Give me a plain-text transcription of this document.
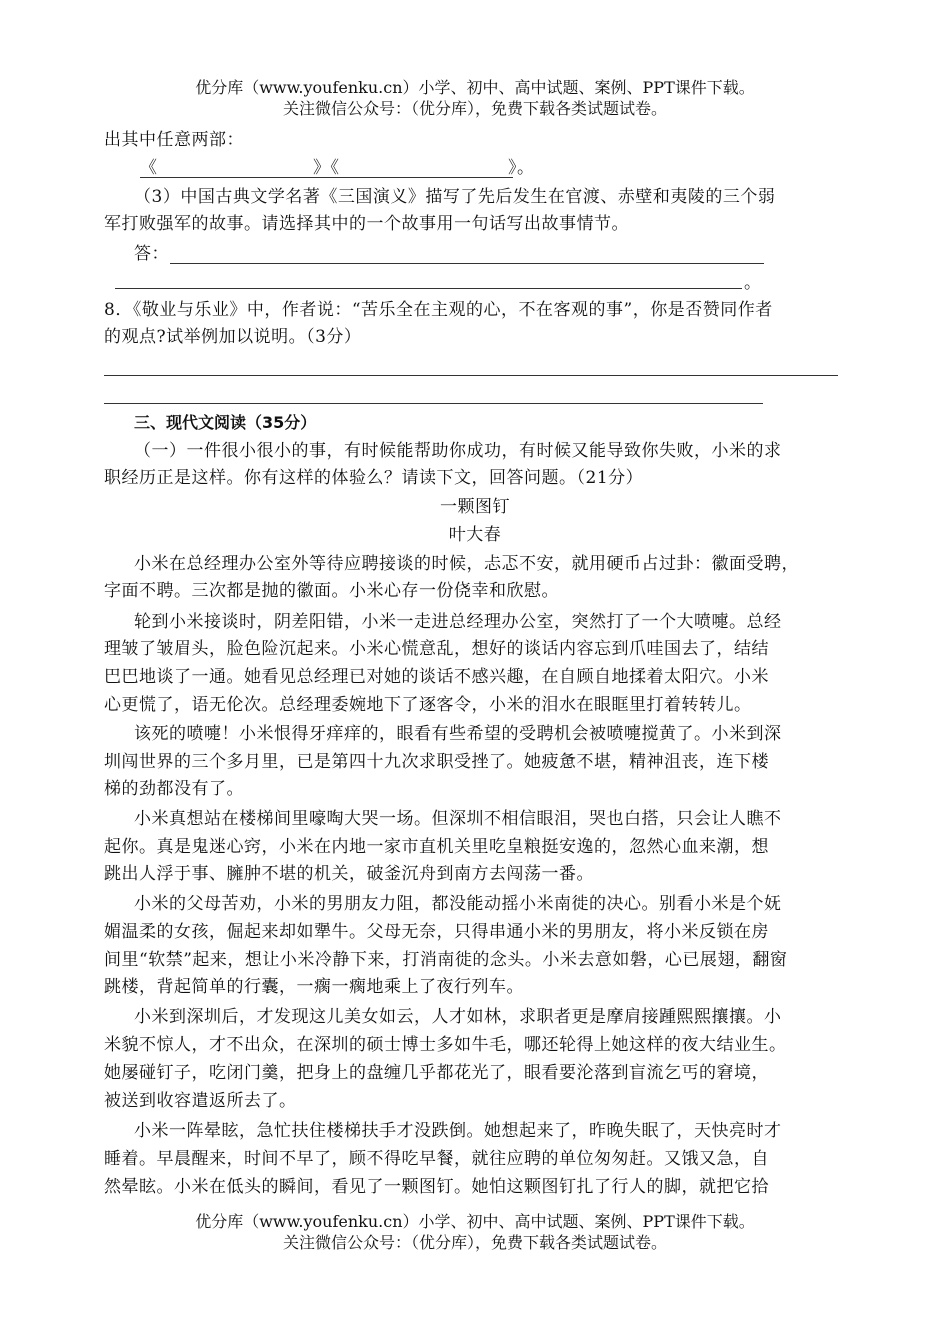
优分库（www.youfenku.cn）小学、初中、高中试题、案例、PPT课件下载。
关注微信公众号：（优分库），免费下载各类试题试卷。
出其中任意两部：
《	》《	》。
（3）中国古典文学名著《三国演义》描写了先后发生在官渡、赤壁和夷陵的三个弱
军打败强军的故事。请选择其中的一个故事用一句话写出故事情节。
答：
。
8．《敬业与乐业》中，作者说：“苦乐全在主观的心，不在客观的事”，你是否赞同作者
的观点?试举例加以说明。（3分）
三、现代文阅读（35分）
（一）一件很小很小的事，有时候能帮助你成功，有时候又能导致你失败，小米的求
职经历正是这样。你有这样的体验么？请读下文，回答问题。（21分）
一颗图钉
叶大春
小米在总经理办公室外等待应聘接谈的时候，忐忑不安，就用硬币占过卦：徽面受聘，
字面不聘。三次都是抛的徽面。小米心存一份侥幸和欣慰。
轮到小米接谈时，阴差阳错，小米一走进总经理办公室，突然打了一个大喷嚏。总经
理皱了皱眉头，脸色险沉起来。小米心慌意乱，想好的谈话内容忘到爪哇国去了，结结
巴巴地谈了一通。她看见总经理已对她的谈话不感兴趣，在自顾自地揉着太阳穴。小米
心更慌了，语无伦次。总经理委婉地下了逐客令，小米的泪水在眼眶里打着转转儿。
该死的喷嚏！小米恨得牙痒痒的，眼看有些希望的受聘机会被喷嚏搅黄了。小米到深
圳闯世界的三个多月里，已是第四十九次求职受挫了。她疲惫不堪，精神沮丧，连下楼
梯的劲都没有了。
小米真想站在楼梯间里嚎啕大哭一场。但深圳不相信眼泪，哭也白搭，只会让人瞧不
起你。真是鬼迷心窍，小米在内地一家市直机关里吃皇粮挺安逸的，忽然心血来潮，想
跳出人浮于事、臃肿不堪的机关，破釜沉舟到南方去闯荡一番。
小米的父母苦劝，小米的男朋友力阻，都没能动摇小米南徙的决心。别看小米是个妩
媚温柔的女孩，倔起来却如犟牛。父母无奈，只得串通小米的男朋友，将小米反锁在房
间里“软禁”起来，想让小米冷静下来，打消南徙的念头。小米去意如磐，心已展翅，翻窗
跳楼，背起简单的行囊，一瘸一瘸地乘上了夜行列车。
小米到深圳后，才发现这儿美女如云，人才如林，求职者更是摩肩接踵熙熙攘攘。小
米貌不惊人，才不出众，在深圳的硕士博士多如牛毛，哪还轮得上她这样的夜大结业生。
她屡碰钉子，吃闭门羹，把身上的盘缠几乎都花光了，眼看要沦落到盲流乞丐的窘境，
被送到收容遣返所去了。
小米一阵晕眩，急忙扶住楼梯扶手才没跌倒。她想起来了，昨晚失眠了，天快亮时才
睡着。早晨醒来，时间不早了，顾不得吃早餐，就往应聘的单位匆匆赶。又饿又急，自
然晕眩。小米在低头的瞬间，看见了一颗图钉。她怕这颗图钉扎了行人的脚，就把它拾
优分库（www.youfenku.cn）小学、初中、高中试题、案例、PPT课件下载。
关注微信公众号：（优分库），免费下载各类试题试卷。
